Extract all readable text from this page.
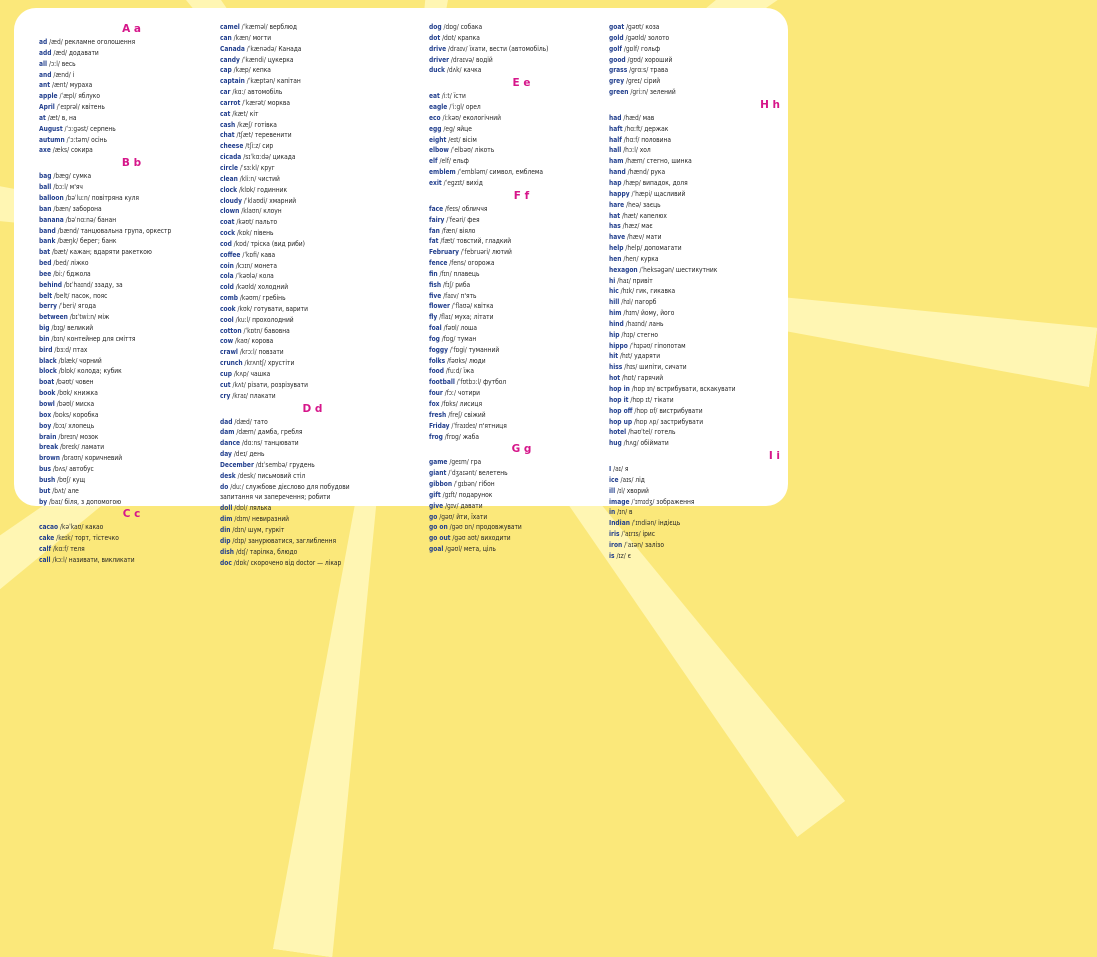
A a
ad /æd/ рекламне оголошення
add /æd/ додавати
all /ɔːl/ весь
and /ænd/ і
ant /ænt/ мураха
apple /ˈæpl/ яблуко
April /ˈeɪprəl/ квітень
at /æt/ в, на
August /ˈɔːgəst/ серпень
autumn /ˈɔːtəm/ осінь
axe /æks/ сокира
B b
bag /bæg/ сумка
ball /bɔːl/ м'яч
balloon /bəˈluːn/ повітряна куля
ban /bæn/ заборона
banana /bəˈnɑːnə/ банан
band /bænd/ танцювальна група, оркестр
bank /bæŋk/ берег; банк
bat /bæt/ кажан; вдаряти ракеткою
bed /bed/ ліжко
bee /biː/ бджола
behind /bɪˈhaɪnd/ ззаду, за
belt /belt/ пасок, пояс
berry /ˈberi/ ягода
between /bɪˈtwiːn/ між
big /bɪg/ великий
bin /bɪn/ контейнер для сміття
bird /bɜːd/ птах
black /blæk/ чорний
block /blɒk/ колода; кубик
boat /bəʊt/ човен
book /bʊk/ книжка
bowl /bəʊl/ миска
box /bɒks/ коробка
boy /bɔɪ/ хлопець
brain /breɪn/ мозок
break /breɪk/ ламати
brown /braʊn/ коричневий
bus /bʌs/ автобус
bush /bʊʃ/ кущ
but /bʌt/ але
by /baɪ/ біля, з допомогою
C c
cacao /kəˈkaʊ/ какао
cake /keɪk/ торт, тістечко
calf /kɑːf/ теля
call /kɔːl/ називати, викликати
camel /ˈkæməl/ верблюд
can /kæn/ могти
Canada /ˈkænədə/ Канада
candy /ˈkændi/ цукерка
cap /kæp/ кепка
captain /ˈkæptən/ капітан
car /kɑː/ автомобіль
carrot /ˈkærət/ морква
cat /kæt/ кіт
cash /kæʃ/ готівка
chat /tʃæt/ теревенити
cheese /tʃiːz/ сир
cicada /sɪˈkɑːdə/ цикада
circle /ˈsɜːkl/ круг
clean /kliːn/ чистий
clock /klɒk/ годинник
cloudy /ˈklaʊdi/ хмарний
clown /klaʊn/ клоун
coat /kəʊt/ пальто
cock /kɒk/ півень
cod /kɒd/ тріска (вид риби)
coffee /ˈkɒfi/ кава
coin /kɔɪn/ монета
cola /ˈkəʊlə/ кола
cold /kəʊld/ холодний
comb /kəʊm/ гребінь
cook /kʊk/ готувати, варити
cool /kuːl/ прохолодний
cotton /ˈkɒtn/ бавовна
cow /kaʊ/ корова
crawl /krɔːl/ повзати
crunch /krʌntʃ/ хрустіти
cup /kʌp/ чашка
cut /kʌt/ різати, розрізувати
cry /kraɪ/ плакати
D d
dad /dæd/ тато
dam /dæm/ дамба, гребля
dance /dɑːns/ танцювати
day /deɪ/ день
December /dɪˈsembə/ грудень
desk /desk/ письмовий стіл
do /duː/ службове дієслово для побудови
запитання чи заперечення; робити
doll /dɒl/ лялька
dim /dɪm/ невиразний
din /dɪn/ шум, гуркіт
dip /dɪp/ занурюватися, заглиблення
dish /dɪʃ/ тарілка, блюдо
doc /dɒk/ скорочено від doctor — лікар
dog /dɒg/ собака
dot /dɒt/ крапка
drive /draɪv/ їхати, вести (автомобіль)
driver /draɪvə/ водій
duck /dʌk/ качка
E e
eat /iːt/ їсти
eagle /ˈiːgl/ орел
eco /iːkəʊ/ екологічний
egg /eg/ яйце
eight /eɪt/ вісім
elbow /ˈelbəʊ/ лікоть
elf /elf/ ельф
emblem /ˈembləm/ символ, емблема
exit /ˈegzɪt/ вихід
F f
face /feɪs/ обличчя
fairy /ˈfeəri/ фея
fan /fæn/ віяло
fat /fæt/ товстий, гладкий
February /ˈfebruəri/ лютий
fence /fens/ огорожа
fin /fɪn/ плавець
fish /fɪʃ/ риба
five /faɪv/ п'ять
flower /ˈflaʊə/ квітка
fly /flaɪ/ муха; літати
foal /fəʊl/ лоша
fog /fɒg/ туман
foggy /ˈfɒgi/ туманний
folks /fəʊks/ люди
food /fuːd/ їжа
football /ˈfʊtbɔːl/ футбол
four /fɔː/ чотири
fox /fɒks/ лисиця
fresh /freʃ/ свіжий
Friday /ˈfraɪdeɪ/ п'ятниця
frog /frɒg/ жаба
G g
game /geɪm/ гра
giant /ˈdʒaɪənt/ велетень
gibbon /ˈgɪbən/ гібон
gift /gɪft/ подарунок
give /gɪv/ давати
go /gəʊ/ йти, їхати
go on /gəʊ ɒn/ продовжувати
go out /gəʊ aʊt/ виходити
goal /gəʊl/ мета, ціль
goat /gəʊt/ коза
gold /gəʊld/ золото
golf /gɒlf/ гольф
good /gʊd/ хороший
grass /grɑːs/ трава
grey /greɪ/ сірий
green /griːn/ зелений
H h
had /hæd/ мав
haft /hɑːft/ держак
half /hɑːf/ половина
hall /hɔːl/ хол
ham /hæm/ стегно, шинка
hand /hænd/ рука
hap /hæp/ випадок, доля
happy /ˈhæpi/ щасливий
hare /heə/ заєць
hat /hæt/ капелюх
has /hæz/ має
have /hæv/ мати
help /help/ допомагати
hen /hen/ курка
hexagon /ˈheksəgən/ шестикутник
hi /haɪ/ привіт
hic /hɪk/ гик, гикавка
hill /hɪl/ пагорб
him /hɪm/ йому, його
hind /haɪnd/ лань
hip /hɪp/ стегно
hippo /ˈhɪpəʊ/ гіпопотам
hit /hɪt/ ударяти
hiss /hɪs/ шипіти, сичати
hot /hɒt/ гарячий
hop in /hɒp ɪn/ встрибувати, вскакувати
hop it /hɒp ɪt/ тікати
hop off /hɒp ɒf/ вистрибувати
hop up /hɒp ʌp/ застрибувати
hotel /həʊˈtel/ готель
hug /hʌg/ обіймати
I i
I /aɪ/ я
ice /aɪs/ лід
ill /ɪl/ хворий
image /ˈɪmɪdʒ/ зображення
in /ɪn/ в
Indian /ˈɪndiən/ індієць
iris /ˈaɪrɪs/ ірис
iron /ˈaɪən/ залізо
is /ɪz/ є
